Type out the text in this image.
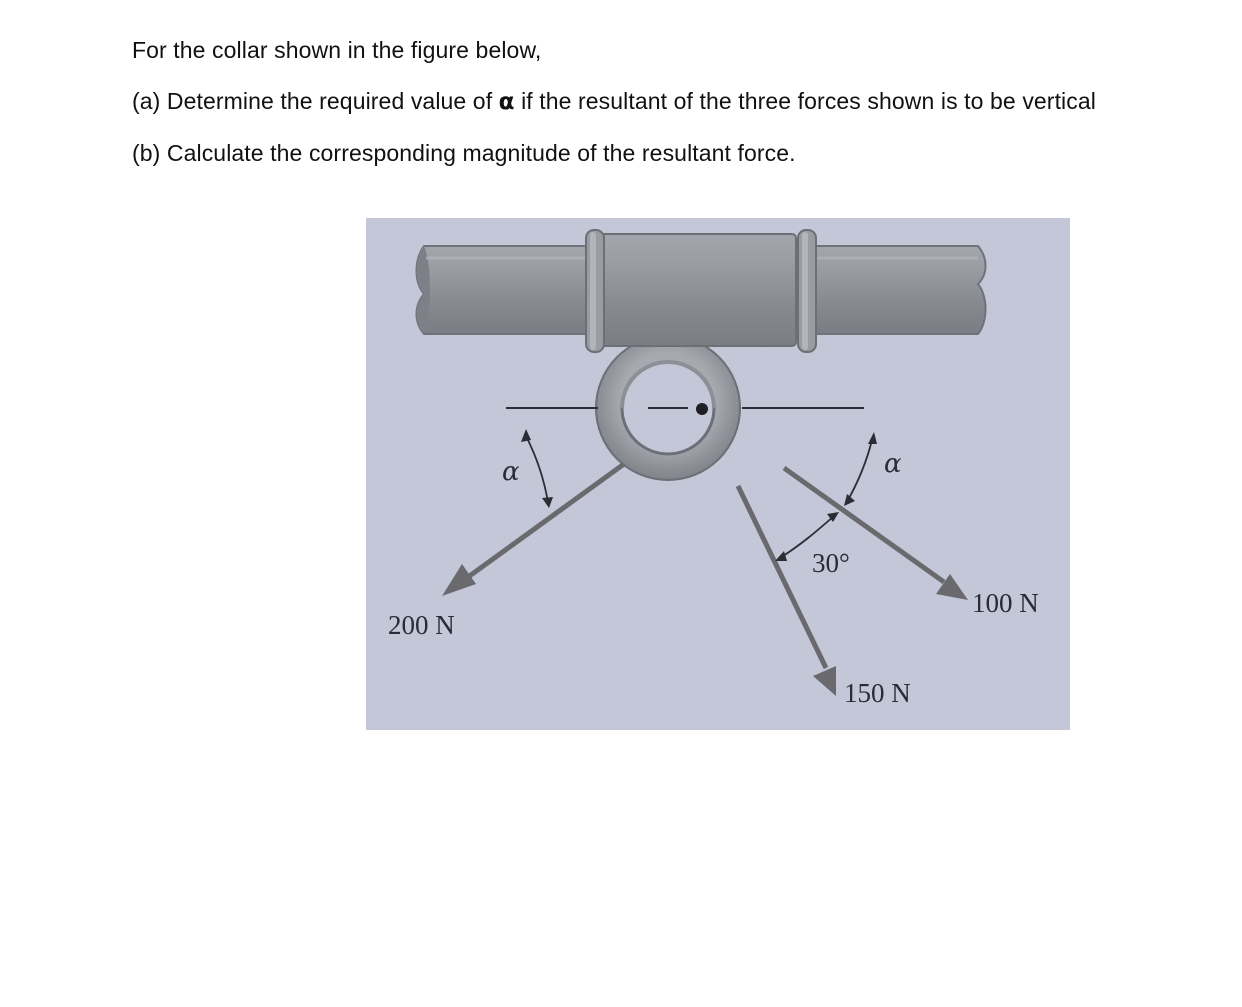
For the collar shown in the figure below,
(a) Determine the required value of α if the resultant of the three forces shown is to be vertical
(b) Calculate the corresponding magnitude of the resultant force.
α	α
30°
200 N
150 N
100 N
